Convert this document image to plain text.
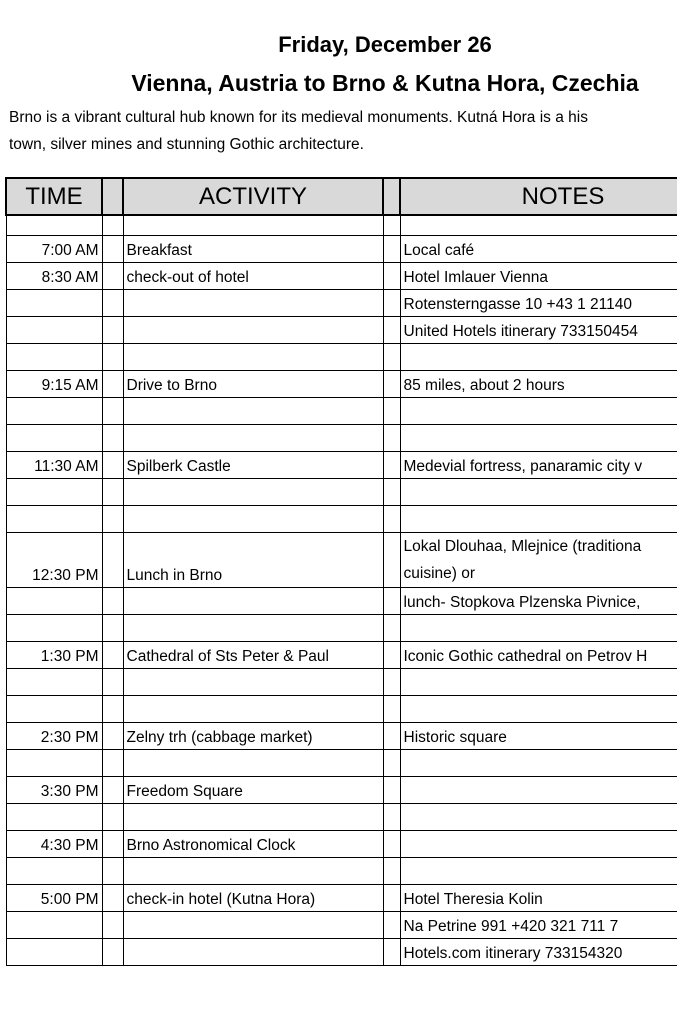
Friday, December 26
Vienna, Austria to Brno & Kutna Hora, Czechia
Brno is a vibrant cultural hub known for its medieval monuments. Kutná Hora is a his
town, silver mines and stunning Gothic architecture.
TIME		ACTIVITY		NOTES

7:00 AM		Breakfast		Local café
8:30 AM		check-out of hotel		Hotel Imlauer Vienna
				Rotensterngasse 10 +43 1 21140
				United Hotels itinerary 733150454

9:15 AM		Drive to Brno		85 miles, about 2 hours

11:30 AM		Spilberk Castle		Medevial fortress, panaramic city v

12:30 PM		Lunch in Brno		Lokal Dlouhaa, Mlejnice (traditiona
cuisine) or

				lunch- Stopkova Plzenska Pivnice,

1:30 PM		Cathedral of Sts Peter & Paul		Iconic Gothic cathedral on Petrov H

2:30 PM		Zelny trh (cabbage market)		Historic square

3:30 PM		Freedom Square		

4:30 PM		Brno Astronomical Clock		

5:00 PM		check-in hotel (Kutna Hora)		Hotel Theresia Kolin
				Na Petrine 991 +420 321 711 7
				Hotels.com itinerary 733154320
